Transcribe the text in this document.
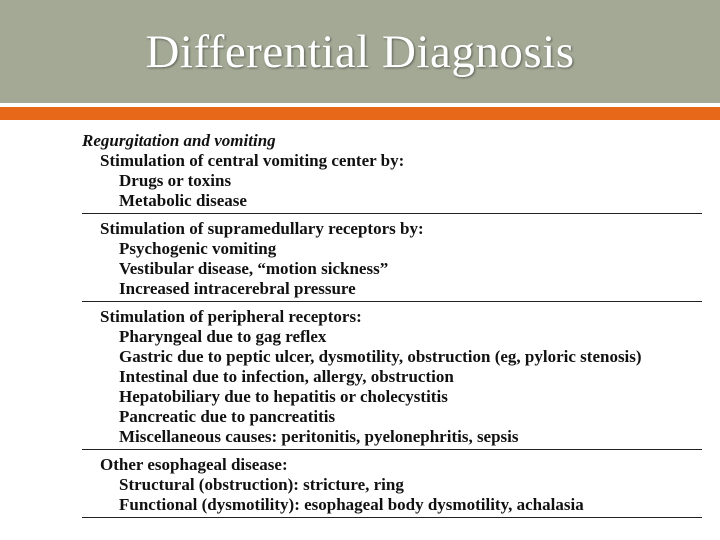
Differential Diagnosis
Regurgitation and vomiting
Stimulation of central vomiting center by:
Drugs or toxins
Metabolic disease
Stimulation of supramedullary receptors by:
Psychogenic vomiting
Vestibular disease, “motion sickness”
Increased intracerebral pressure
Stimulation of peripheral receptors:
Pharyngeal due to gag reflex
Gastric due to peptic ulcer, dysmotility, obstruction (eg, pyloric stenosis)
Intestinal due to infection, allergy, obstruction
Hepatobiliary due to hepatitis or cholecystitis
Pancreatic due to pancreatitis
Miscellaneous causes: peritonitis, pyelonephritis, sepsis
Other esophageal disease:
Structural (obstruction): stricture, ring
Functional (dysmotility): esophageal body dysmotility, achalasia
